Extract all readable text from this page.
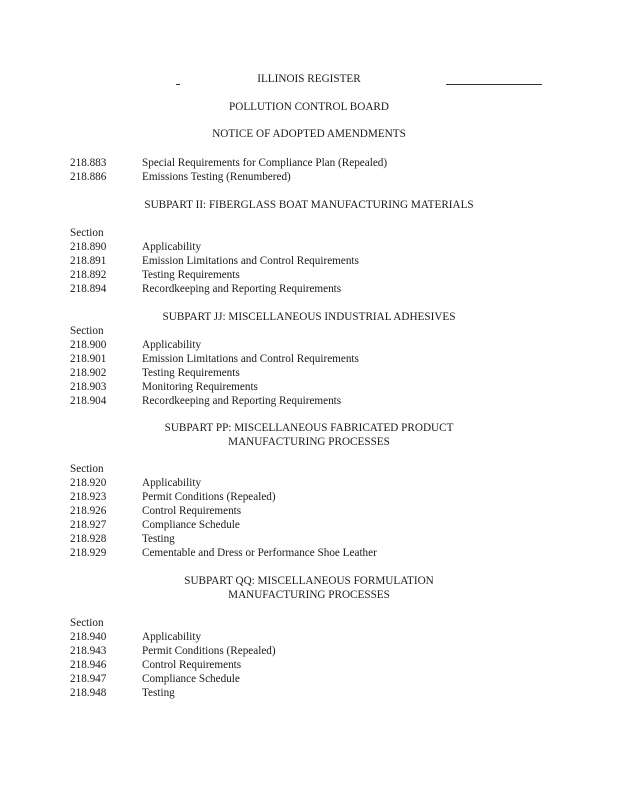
ILLINOIS REGISTER
POLLUTION CONTROL BOARD
NOTICE OF ADOPTED AMENDMENTS
218.883	Special Requirements for Compliance Plan (Repealed)
218.886	Emissions Testing (Renumbered)
SUBPART II: FIBERGLASS BOAT MANUFACTURING MATERIALS
Section
218.890	Applicability
218.891	Emission Limitations and Control Requirements
218.892	Testing Requirements
218.894	Recordkeeping and Reporting Requirements
SUBPART JJ: MISCELLANEOUS INDUSTRIAL ADHESIVES
Section
218.900	Applicability
218.901	Emission Limitations and Control Requirements
218.902	Testing Requirements
218.903	Monitoring Requirements
218.904	Recordkeeping and Reporting Requirements
SUBPART PP: MISCELLANEOUS FABRICATED PRODUCT
MANUFACTURING PROCESSES
Section
218.920	Applicability
218.923	Permit Conditions (Repealed)
218.926	Control Requirements
218.927	Compliance Schedule
218.928	Testing
218.929	Cementable and Dress or Performance Shoe Leather
SUBPART QQ: MISCELLANEOUS FORMULATION
MANUFACTURING PROCESSES
Section
218.940	Applicability
218.943	Permit Conditions (Repealed)
218.946	Control Requirements
218.947	Compliance Schedule
218.948	Testing
